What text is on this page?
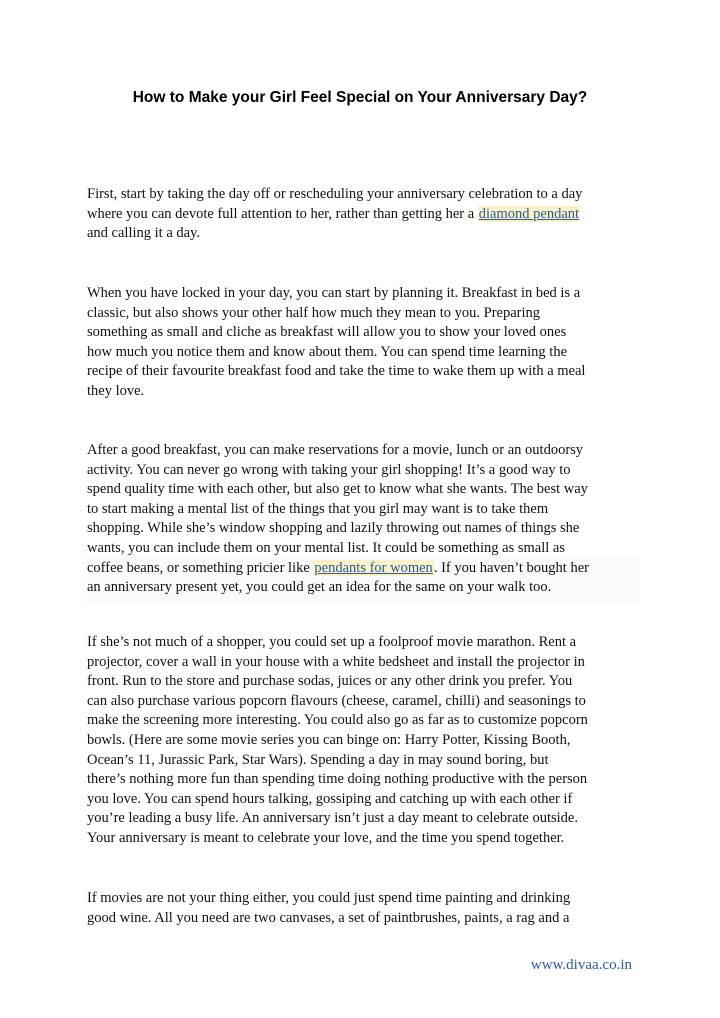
How to Make your Girl Feel Special on Your Anniversary Day?

First, start by taking the day off or rescheduling your anniversary celebration to a day
where you can devote full attention to her, rather than getting her a diamond pendant
and calling it a day.

When you have locked in your day, you can start by planning it. Breakfast in bed is a
classic, but also shows your other half how much they mean to you. Preparing
something as small and cliche as breakfast will allow you to show your loved ones
how much you notice them and know about them. You can spend time learning the
recipe of their favourite breakfast food and take the time to wake them up with a meal
they love.

After a good breakfast, you can make reservations for a movie, lunch or an outdoorsy
activity. You can never go wrong with taking your girl shopping! It’s a good way to
spend quality time with each other, but also get to know what she wants. The best way
to start making a mental list of the things that you girl may want is to take them
shopping. While she’s window shopping and lazily throwing out names of things she
wants, you can include them on your mental list. It could be something as small as
coffee beans, or something pricier like pendants for women. If you haven’t bought her
an anniversary present yet, you could get an idea for the same on your walk too.

If she’s not much of a shopper, you could set up a foolproof movie marathon. Rent a
projector, cover a wall in your house with a white bedsheet and install the projector in
front. Run to the store and purchase sodas, juices or any other drink you prefer. You
can also purchase various popcorn flavours (cheese, caramel, chilli) and seasonings to
make the screening more interesting. You could also go as far as to customize popcorn
bowls. (Here are some movie series you can binge on: Harry Potter, Kissing Booth,
Ocean’s 11, Jurassic Park, Star Wars). Spending a day in may sound boring, but
there’s nothing more fun than spending time doing nothing productive with the person
you love. You can spend hours talking, gossiping and catching up with each other if
you’re leading a busy life. An anniversary isn’t just a day meant to celebrate outside.
Your anniversary is meant to celebrate your love, and the time you spend together.

If movies are not your thing either, you could just spend time painting and drinking
good wine. All you need are two canvases, a set of paintbrushes, paints, a rag and a

www.divaa.co.in
